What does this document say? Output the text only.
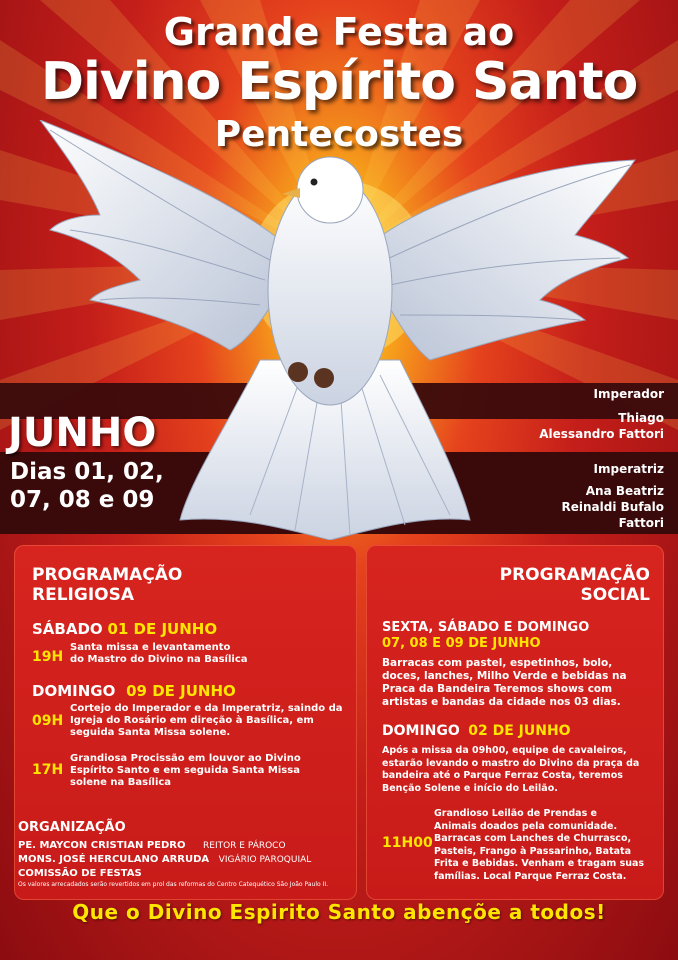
Grande Festa ao
Divino Espírito Santo
Pentecostes
JUNHO
Dias 01, 02,
07, 08 e 09
Imperador
Thiago
Alessandro Fattori
Imperatriz
Ana Beatriz
Reinaldi Bufalo
Fattori
PROGRAMAÇÃO
RELIGIOSA
SÁBADO 01 DE JUNHO
19H
Santa missa e levantamento
do Mastro do Divino na Basílica
DOMINGO 09 DE JUNHO
09H
Cortejo do Imperador e da Imperatriz, saindo da
Igreja do Rosário em direção à Basílica, em
seguida Santa Missa solene.
17H
Grandiosa Procissão em louvor ao Divino
Espírito Santo e em seguida Santa Missa
solene na Basílica
ORGANIZAÇÃO
PE. MAYCON CRISTIAN PEDRO REITOR E PÁROCO
MONS. JOSÉ HERCULANO ARRUDA VIGÁRIO PAROQUIAL
COMISSÃO DE FESTAS
Os valores arrecadados serão revertidos em prol das reformas do Centro Catequético São João Paulo II.
PROGRAMAÇÃO
SOCIAL
SEXTA, SÁBADO E DOMINGO
07, 08 E 09 DE JUNHO
Barracas com pastel, espetinhos, bolo,
doces, lanches, Milho Verde e bebidas na
Praca da Bandeira Teremos shows com
artistas e bandas da cidade nos 03 dias.
DOMINGO 02 DE JUNHO
Após a missa da 09h00, equipe de cavaleiros,
estarão levando o mastro do Divino da praça da
bandeira até o Parque Ferraz Costa, teremos
Benção Solene e início do Leilão.
11H00
Grandioso Leilão de Prendas e
Animais doados pela comunidade.
Barracas com Lanches de Churrasco,
Pasteis, Frango à Passarinho, Batata
Frita e Bebidas. Venham e tragam suas
famílias. Local Parque Ferraz Costa.
Que o Divino Espirito Santo abençõe a todos!
